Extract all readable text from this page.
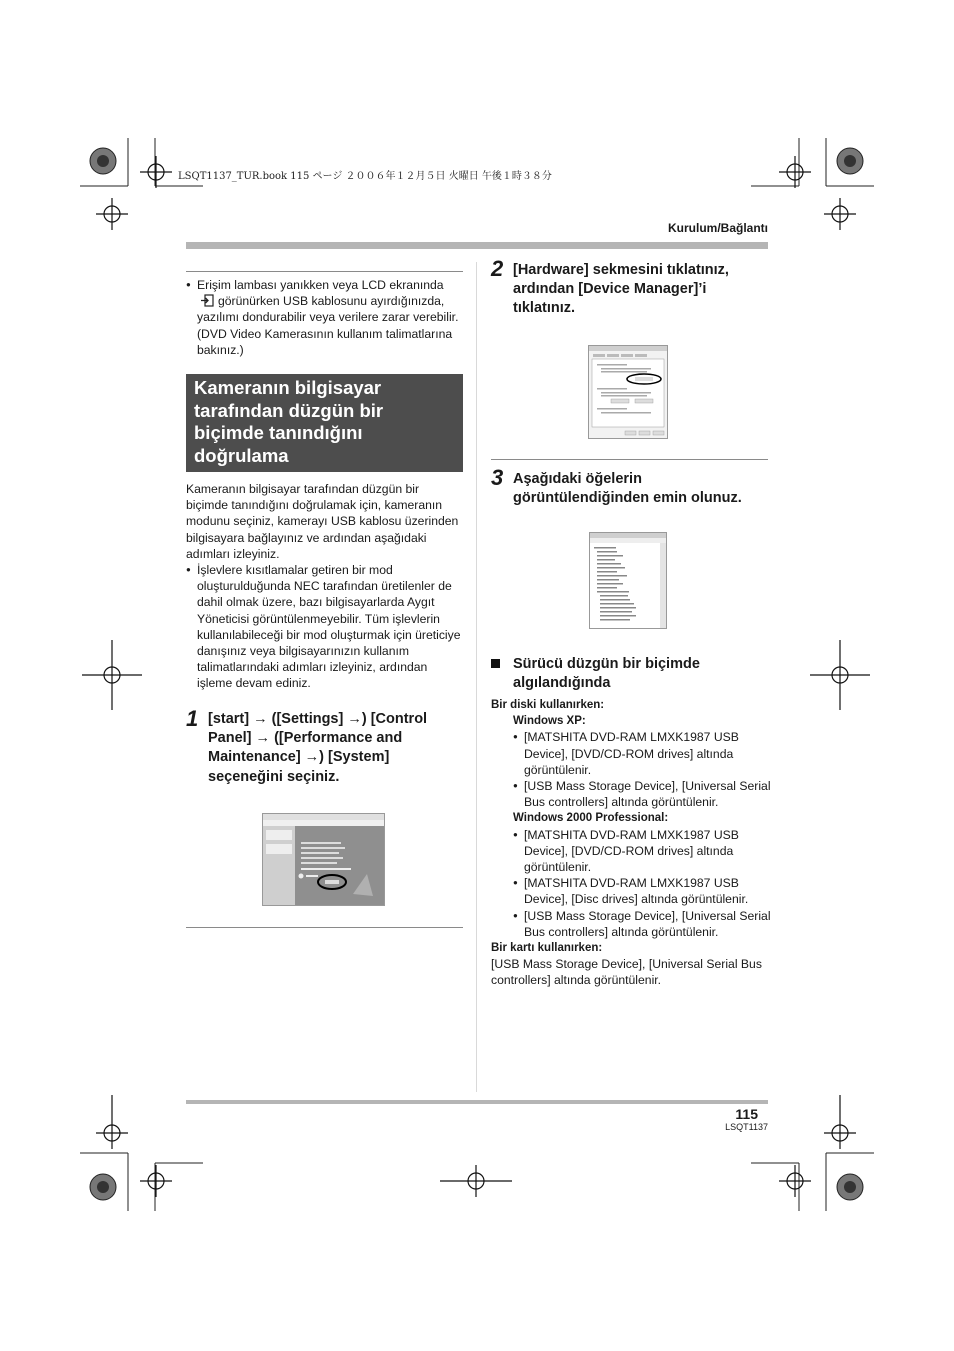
LSQT1137_TUR.book 115 ページ ２００６年１２月５日 火曜日 午後１時３８分
Kurulum/Bağlantı
● Erişim lambası yanıkken veya LCD ekranında
görünürken USB kablosunu ayırdığınızda, yazılımı dondurabilir veya verilere zarar verebilir. (DVD Video Kamerasının kullanım talimatlarına bakınız.)
Kameranın bilgisayar tarafından düzgün bir biçimde tanındığını doğrulama
Kameranın bilgisayar tarafından düzgün bir biçimde tanındığını doğrulamak için, kameranın modunu seçiniz, kamerayı USB kablosu üzerinden bilgisayara bağlayınız ve ardından aşağıdaki adımları izleyiniz.
● İşlevlere kısıtlamalar getiren bir mod oluşturulduğunda NEC tarafından üretilenler de dahil olmak üzere, bazı bilgisayarlarda Aygıt Yöneticisi görüntülenmeyebilir. Tüm işlevlerin kullanılabileceği bir mod oluşturmak için üreticiye danışınız veya bilgisayarınızın kullanım talimatlarındaki adımları izleyiniz, ardından işleme devam ediniz.
1 [start] → ([Settings] →) [Control Panel] → ([Performance and Maintenance] →) [System] seçeneğini seçiniz.
2 [Hardware] sekmesini tıklatınız, ardından [Device Manager]’i tıklatınız.
3 Aşağıdaki öğelerin görüntülendiğinden emin olunuz.
Sürücü düzgün bir biçimde algılandığında
Bir diski kullanırken:
Windows XP:
● [MATSHITA DVD-RAM LMXK1987 USB Device], [DVD/CD-ROM drives] altında görüntülenir.
● [USB Mass Storage Device], [Universal Serial Bus controllers] altında görüntülenir.
Windows 2000 Professional:
● [MATSHITA DVD-RAM LMXK1987 USB Device], [DVD/CD-ROM drives] altında görüntülenir.
● [MATSHITA DVD-RAM LMXK1987 USB Device], [Disc drives] altında görüntülenir.
● [USB Mass Storage Device], [Universal Serial Bus controllers] altında görüntülenir.
Bir kartı kullanırken:
[USB Mass Storage Device], [Universal Serial Bus controllers] altında görüntülenir.
115
LSQT1137
